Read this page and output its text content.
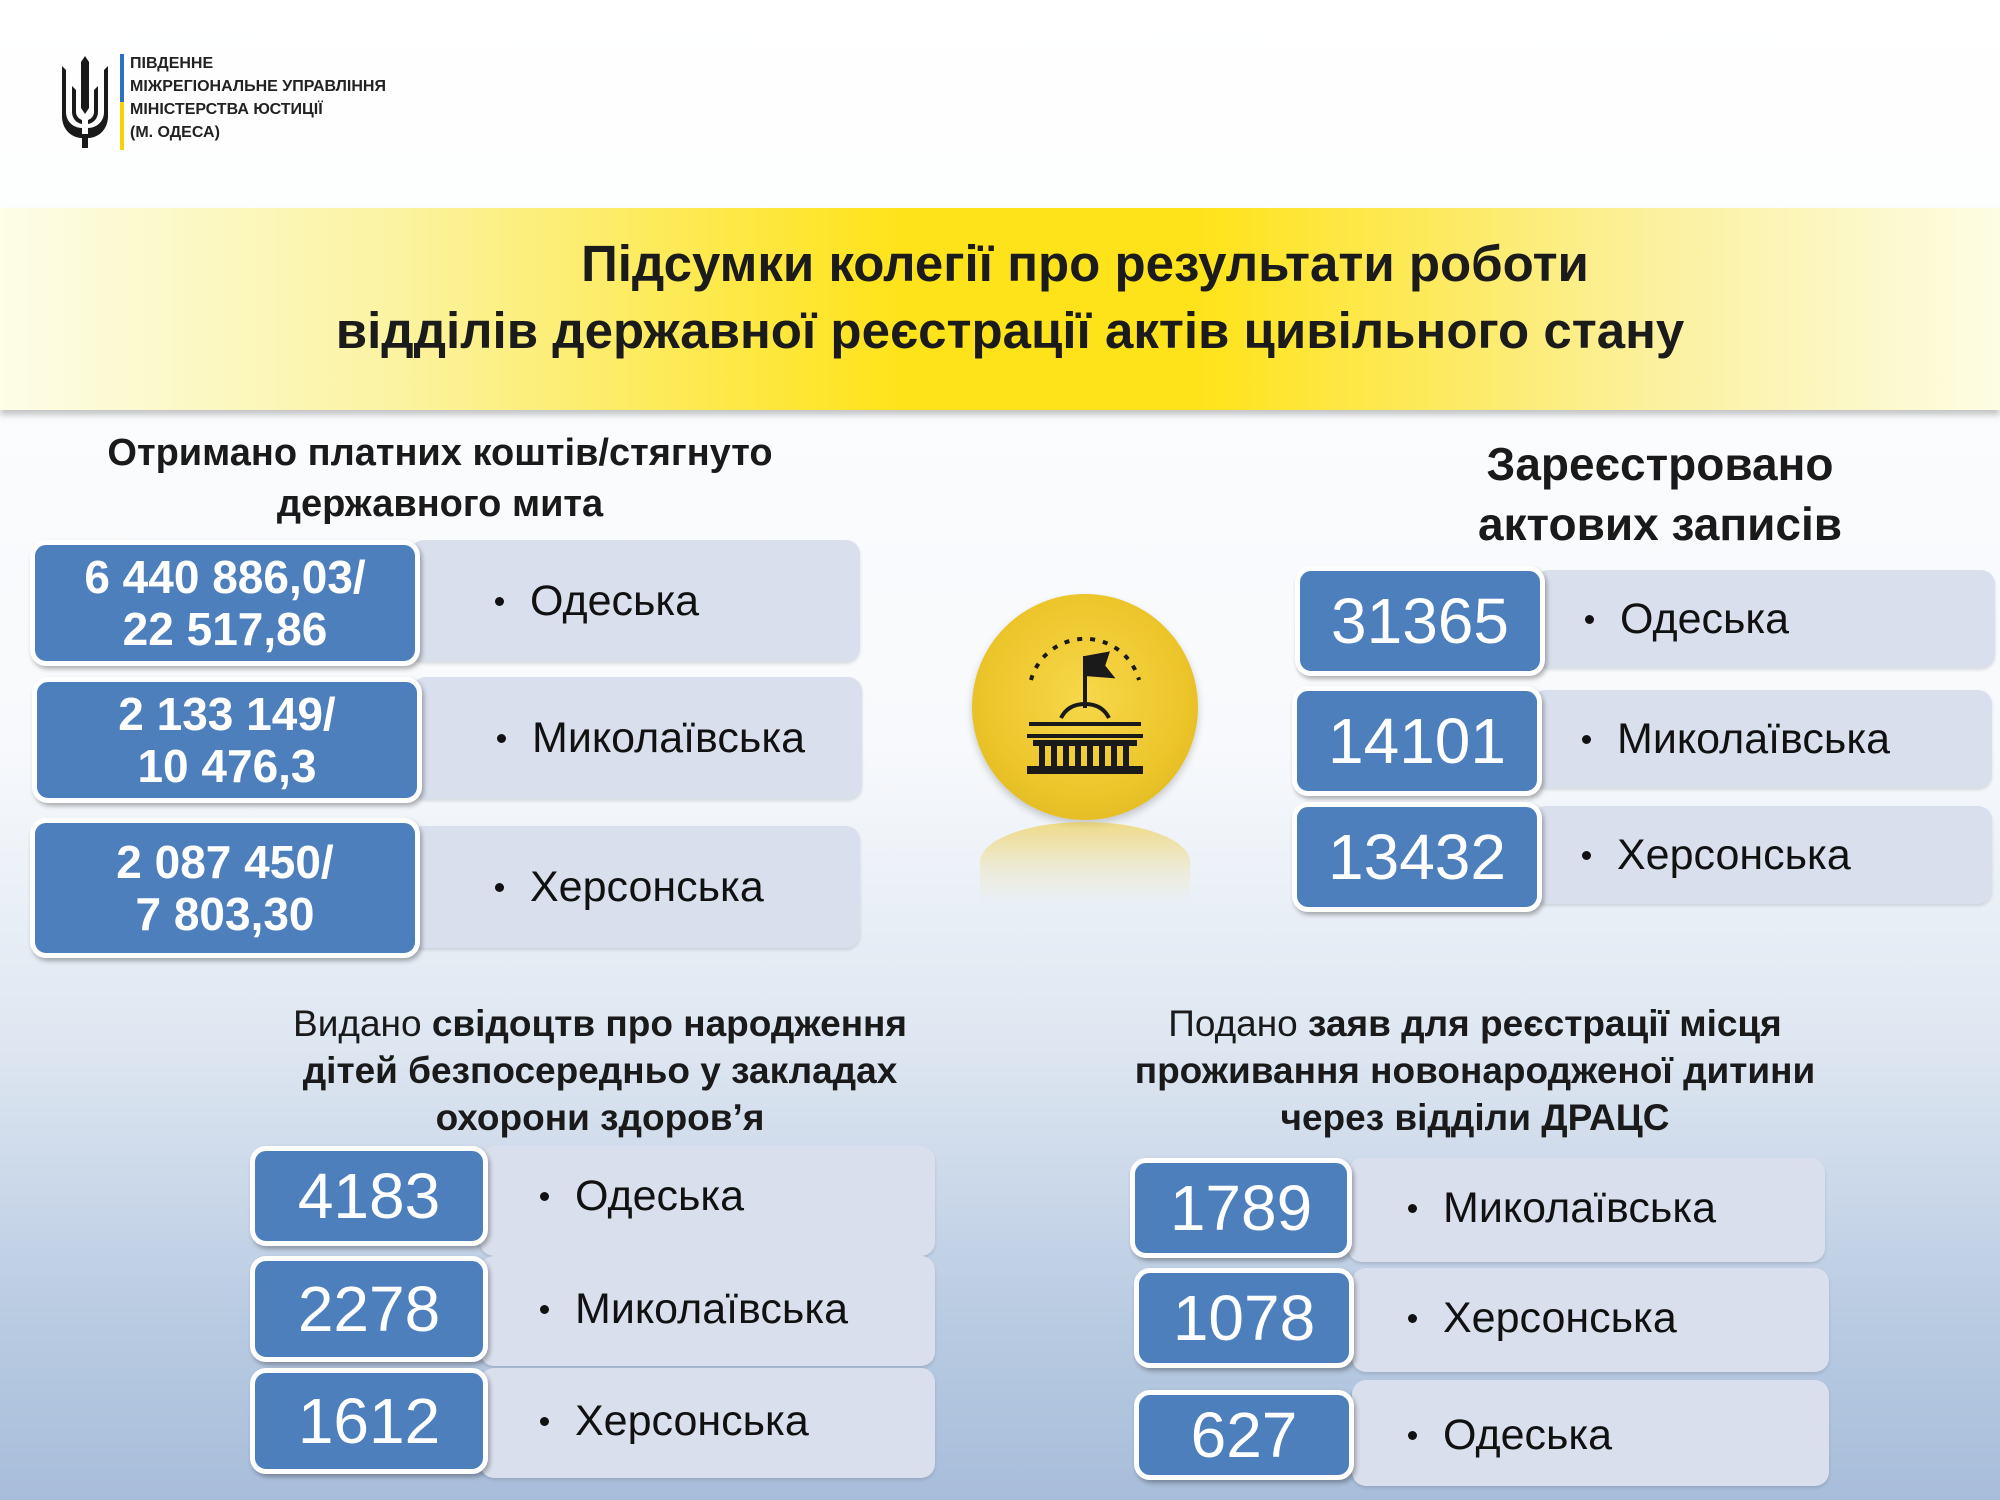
ПІВДЕННЕ
МІЖРЕГІОНАЛЬНЕ УПРАВЛІННЯ
МІНІСТЕРСТВА ЮСТИЦІЇ
(М. ОДЕСА)
Підсумки колегії про результати роботи
відділів державної реєстрації актів цивільного стану
Отримано платних коштів/стягнуто
державного мита
6 440 886,03/
22 517,86
Одеська
2 133 149/
10 476,3
Миколаївська
2 087 450/
7 803,30
Херсонська
Зареєстровано
актових записів
31365	Одеська
14101	Миколаївська
13432	Херсонська
Видано свідоцтв про народження
дітей безпосередньо у закладах
охорони здоров’я
4183	Одеська
2278	Миколаївська
1612	Херсонська
Подано заяв для реєстрації місця
проживання новонародженої дитини
через відділи ДРАЦС
1789	Миколаївська
1078	Херсонська
627	Одеська
